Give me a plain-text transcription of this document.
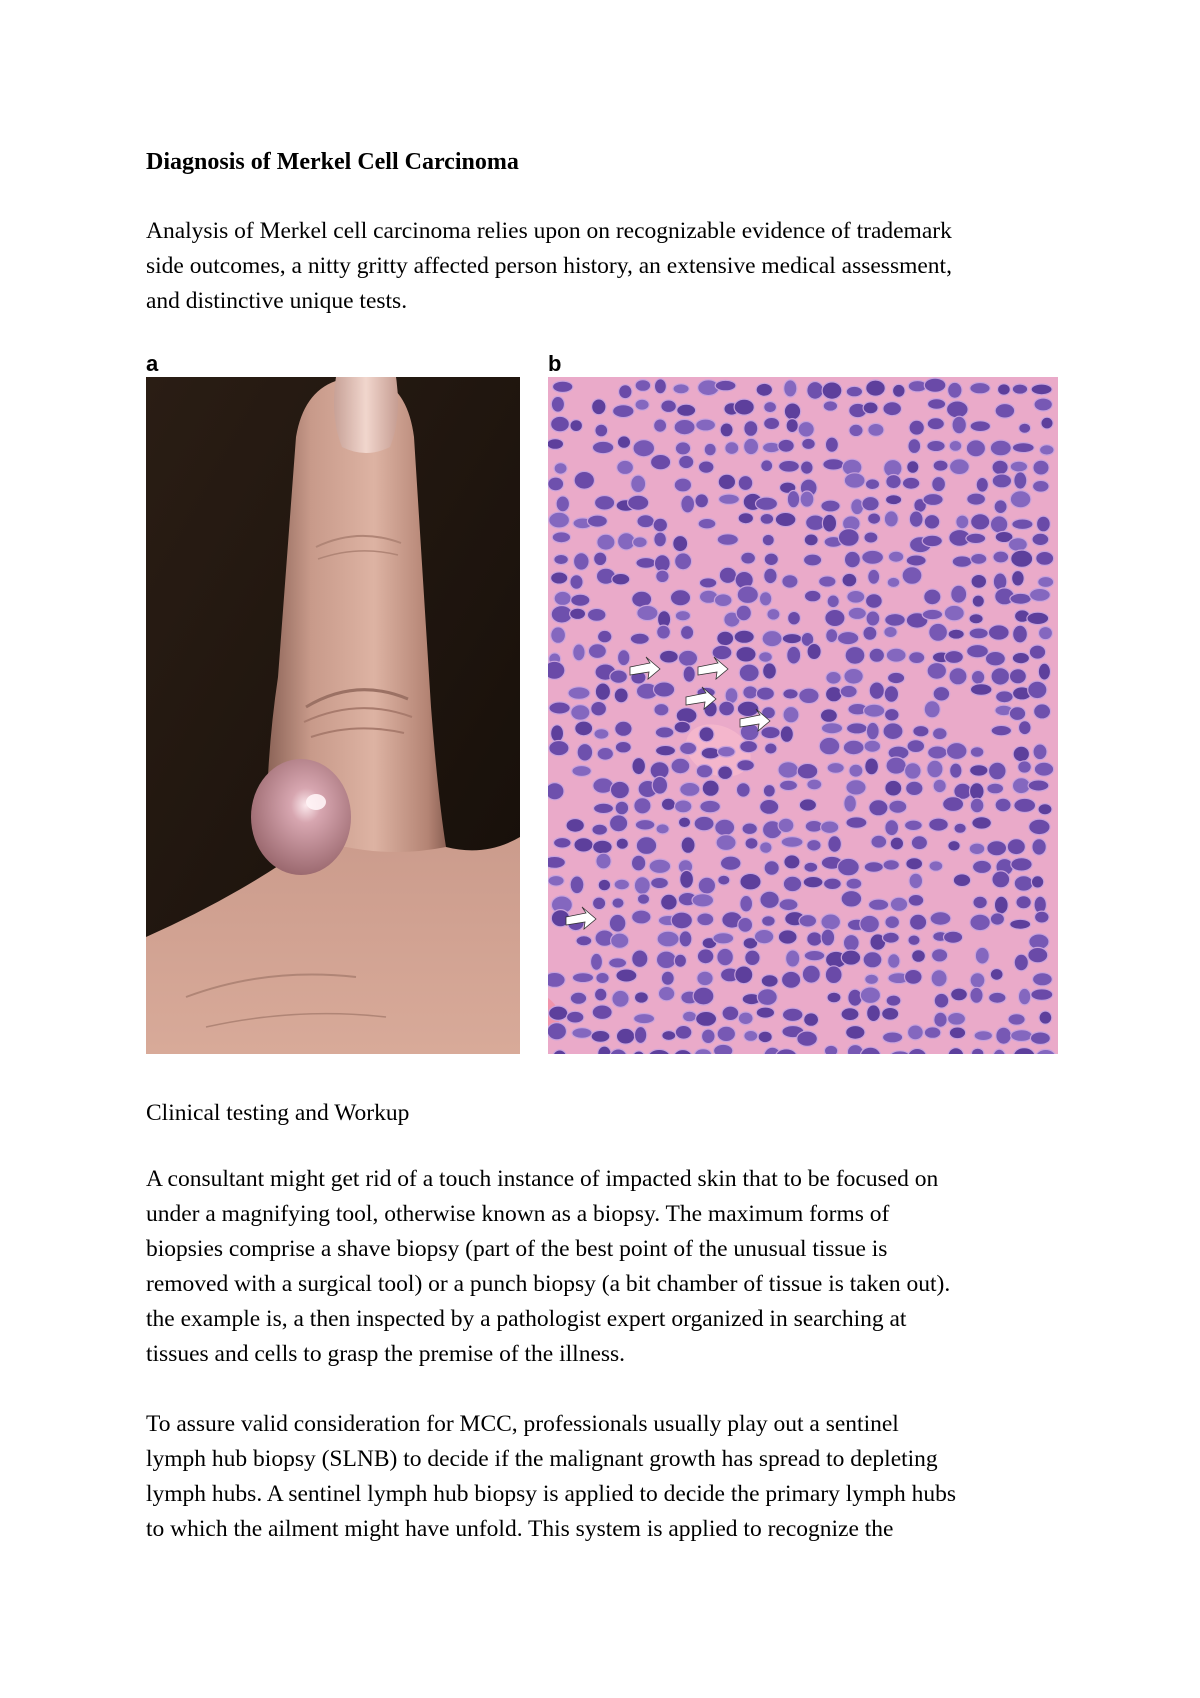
Diagnosis of Merkel Cell Carcinoma
Analysis of Merkel cell carcinoma relies upon on recognizable evidence of trademark
side outcomes, a nitty gritty affected person history, an extensive medical assessment,
and distinctive unique tests.
a	b
Clinical testing and Workup
A consultant might get rid of a touch instance of impacted skin that to be focused on
under a magnifying tool, otherwise known as a biopsy. The maximum forms of
biopsies comprise a shave biopsy (part of the best point of the unusual tissue is
removed with a surgical tool) or a punch biopsy (a bit chamber of tissue is taken out).
the example is, a then inspected by a pathologist expert organized in searching at
tissues and cells to grasp the premise of the illness.
To assure valid consideration for MCC, professionals usually play out a sentinel
lymph hub biopsy (SLNB) to decide if the malignant growth has spread to depleting
lymph hubs. A sentinel lymph hub biopsy is applied to decide the primary lymph hubs
to which the ailment might have unfold. This system is applied to recognize the
